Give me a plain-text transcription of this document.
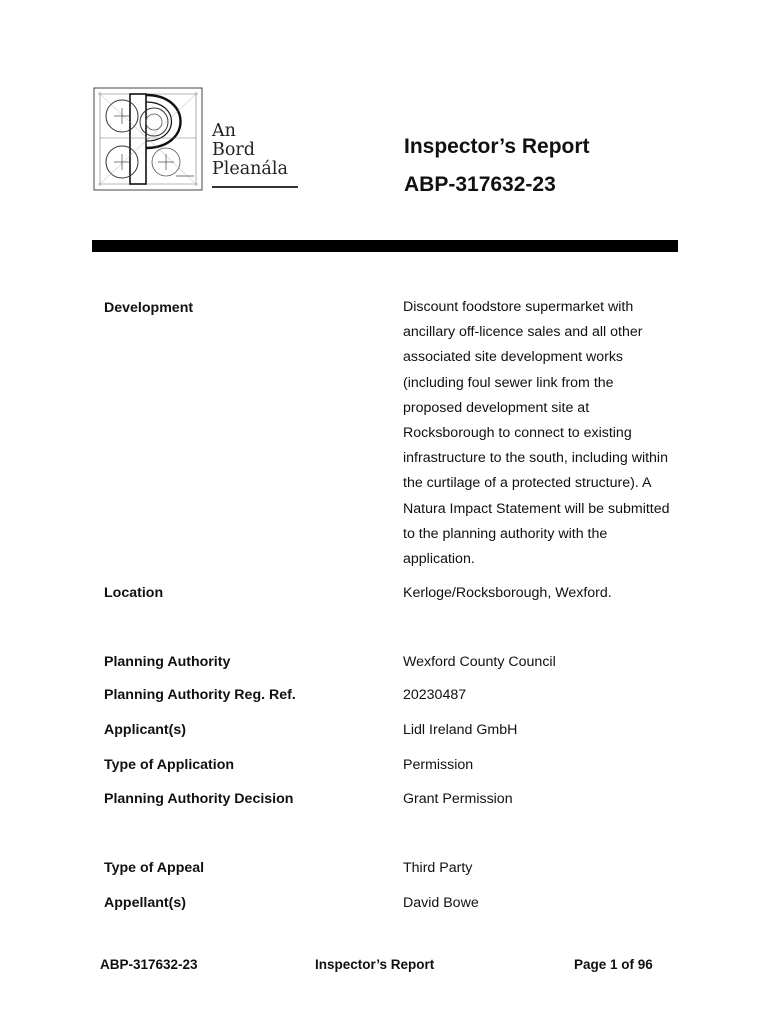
An
Bord
Pleanála
Inspector’s Report
ABP-317632-23
Development	Discount foodstore supermarket with ancillary off-licence sales and all other associated site development works (including foul sewer link from the proposed development site at Rocksborough to connect to existing infrastructure to the south, including within the curtilage of a protected structure). A Natura Impact Statement will be submitted to the planning authority with the application.
Location	Kerloge/Rocksborough, Wexford.
Planning Authority	Wexford County Council
Planning Authority Reg. Ref.	20230487
Applicant(s)	Lidl Ireland GmbH
Type of Application	Permission
Planning Authority Decision	Grant Permission
Type of Appeal	Third Party
Appellant(s)	David Bowe
ABP-317632-23	Inspector’s Report	Page 1 of 96
